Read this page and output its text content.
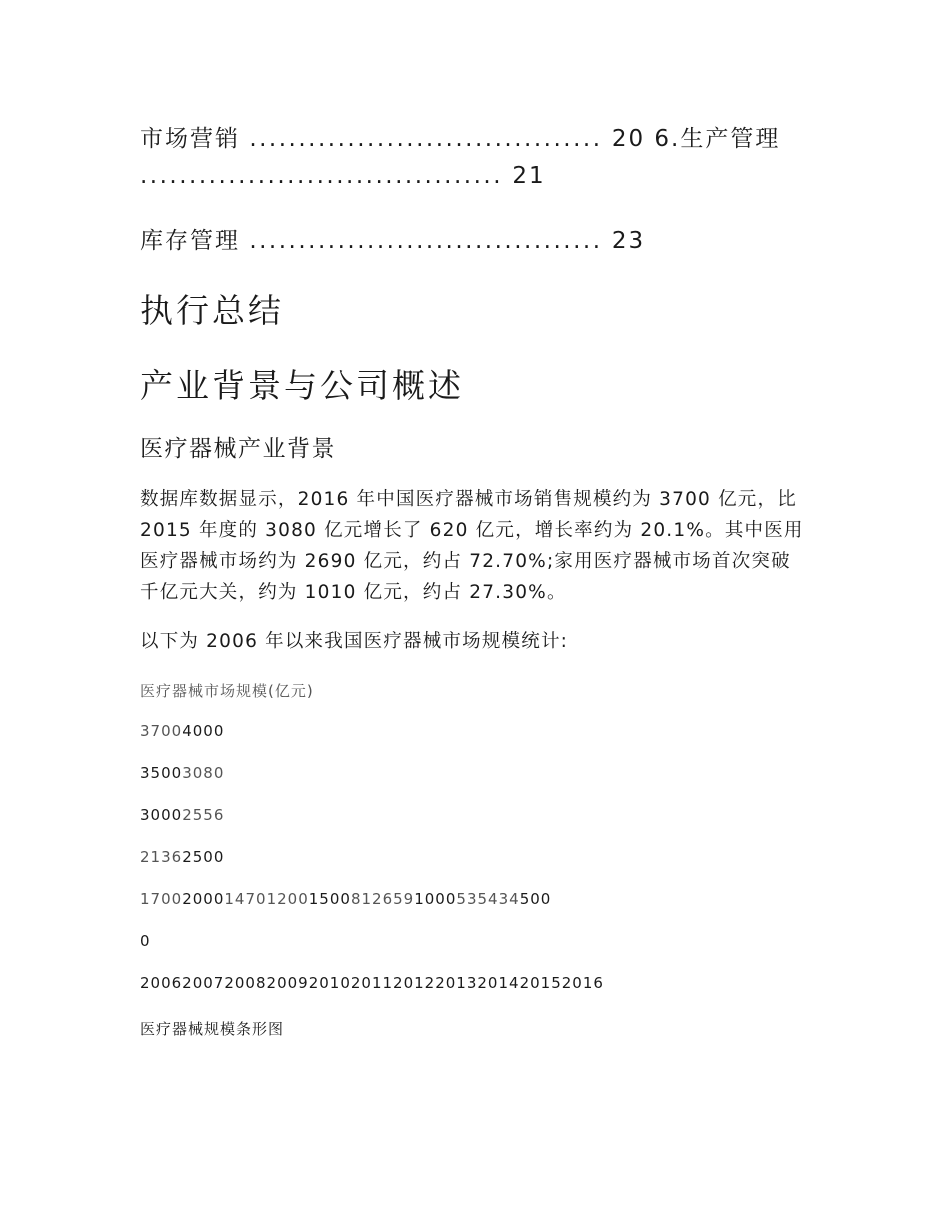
市场营销 .................................... 20 6.生产管理
..................................... 21
库存管理 .................................... 23
执行总结
产业背景与公司概述
医疗器械产业背景
数据库数据显示，2016 年中国医疗器械市场销售规模约为 3700 亿元，比 2015 年度的 3080 亿元增长了 620 亿元，增长率约为 20.1%。其中医用医疗器械市场约为 2690 亿元，约占 72.70%;家用医疗器械市场首次突破千亿元大关，约为 1010 亿元，约占 27.30%。
以下为 2006 年以来我国医疗器械市场规模统计:
医疗器械市场规模(亿元)
37004000
35003080
30002556
21362500
170020001470120015008126591000535434500
0
20062007200820092010201120122013201420152016
医疗器械规模条形图
